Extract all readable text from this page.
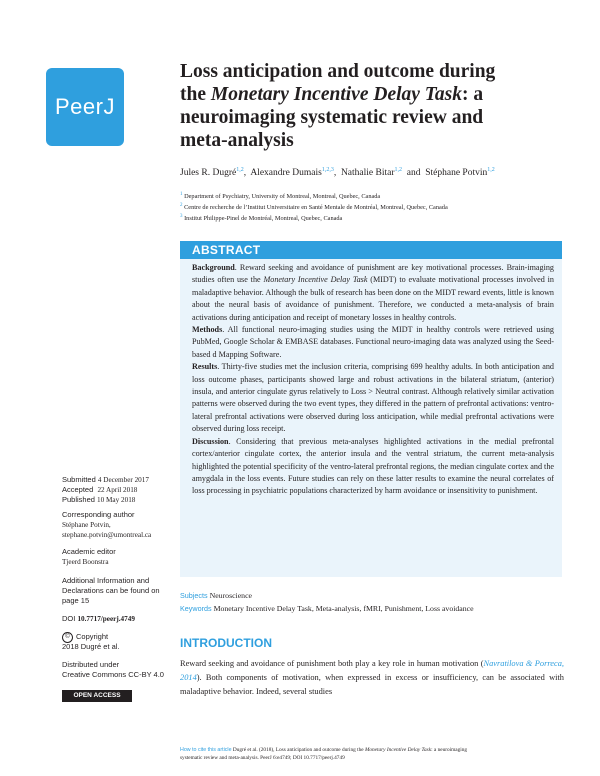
PeerJ
Loss anticipation and outcome during
the Monetary Incentive Delay Task: a
neuroimaging systematic review and
meta-analysis
Jules R. Dugré$^{1,2}$,  Alexandre Dumais$^{1,2,3}$,  Nathalie Bitar$^{1,2}$ and Stéphane Potvin$^{1,2}$
$^1$ Department of Psychiatry, University of Montreal, Montreal, Quebec, Canada
$^2$ Centre de recherche de l’Institut Universitaire en Santé Mentale de Montréal, Montreal, Quebec, Canada
$^3$ Institut Philippe-Pinel de Montréal, Montreal, Quebec, Canada
ABSTRACT

Background. Reward seeking and avoidance of punishment are key motivational processes. Brain-imaging studies often use the Monetary Incentive Delay Task (MIDT) to evaluate motivational processes involved in maladaptive behavior. Although the bulk of research has been done on the MIDT reward events, little is known about the neural basis of avoidance of punishment. Therefore, we conducted a meta-analysis of brain activations during anticipation and receipt of monetary losses in healthy controls.

Methods. All functional neuro-imaging studies using the MIDT in healthy controls were retrieved using PubMed, Google Scholar & EMBASE databases. Functional neuro-imaging data was analyzed using the Seed-based d Mapping Software.

Results. Thirty-five studies met the inclusion criteria, comprising 699 healthy adults. In both anticipation and loss outcome phases, participants showed large and robust activations in the bilateral striatum, (anterior) insula, and anterior cingulate gyrus relatively to Loss > Neutral contrast. Although relatively similar activation patterns were observed during the two event types, they differed in the pattern of prefrontal activations: ventro-lateral prefrontal activations were observed during loss anticipation, while medial prefrontal activations were observed during loss receipt.

Discussion. Considering that previous meta-analyses highlighted activations in the medial prefrontal cortex/anterior cingulate cortex, the anterior insula and the ventral striatum, the current meta-analysis highlighted the potential specificity of the ventro-lateral prefrontal regions, the median cingulate cortex and the amygdala in the loss events. Future studies can rely on these latter results to examine the neural correlates of loss processing in psychiatric populations characterized by harm avoidance or insensitivity to punishment.

Subjects Neuroscience
Keywords Monetary Incentive Delay Task, Meta-analysis, fMRI, Punishment, Loss avoidance
INTRODUCTION
Reward seeking and avoidance of punishment both play a key role in human motivation (Navratilova & Porreca, 2014). Both components of motivation, when expressed in excess or insufficiency, can be associated with maladaptive behavior. Indeed, several studies
Submitted 4 December 2017
Accepted 22 April 2018
Published 10 May 2018
Corresponding author
Stéphane Potvin,
stephane.potvin@umontreal.ca
Academic editor
Tjeerd Boonstra
Additional Information and
Declarations can be found on
page 15
DOI 10.7717/peerj.4749
© Copyright
2018 Dugré et al.
Distributed under
Creative Commons CC-BY 4.0
OPEN ACCESS
How to cite this article Dugré et al. (2018), Loss anticipation and outcome during the Monetary Incentive Delay Task: a neuroimaging
systematic review and meta-analysis. PeerJ 6:e4749; DOI 10.7717/peerj.4749
